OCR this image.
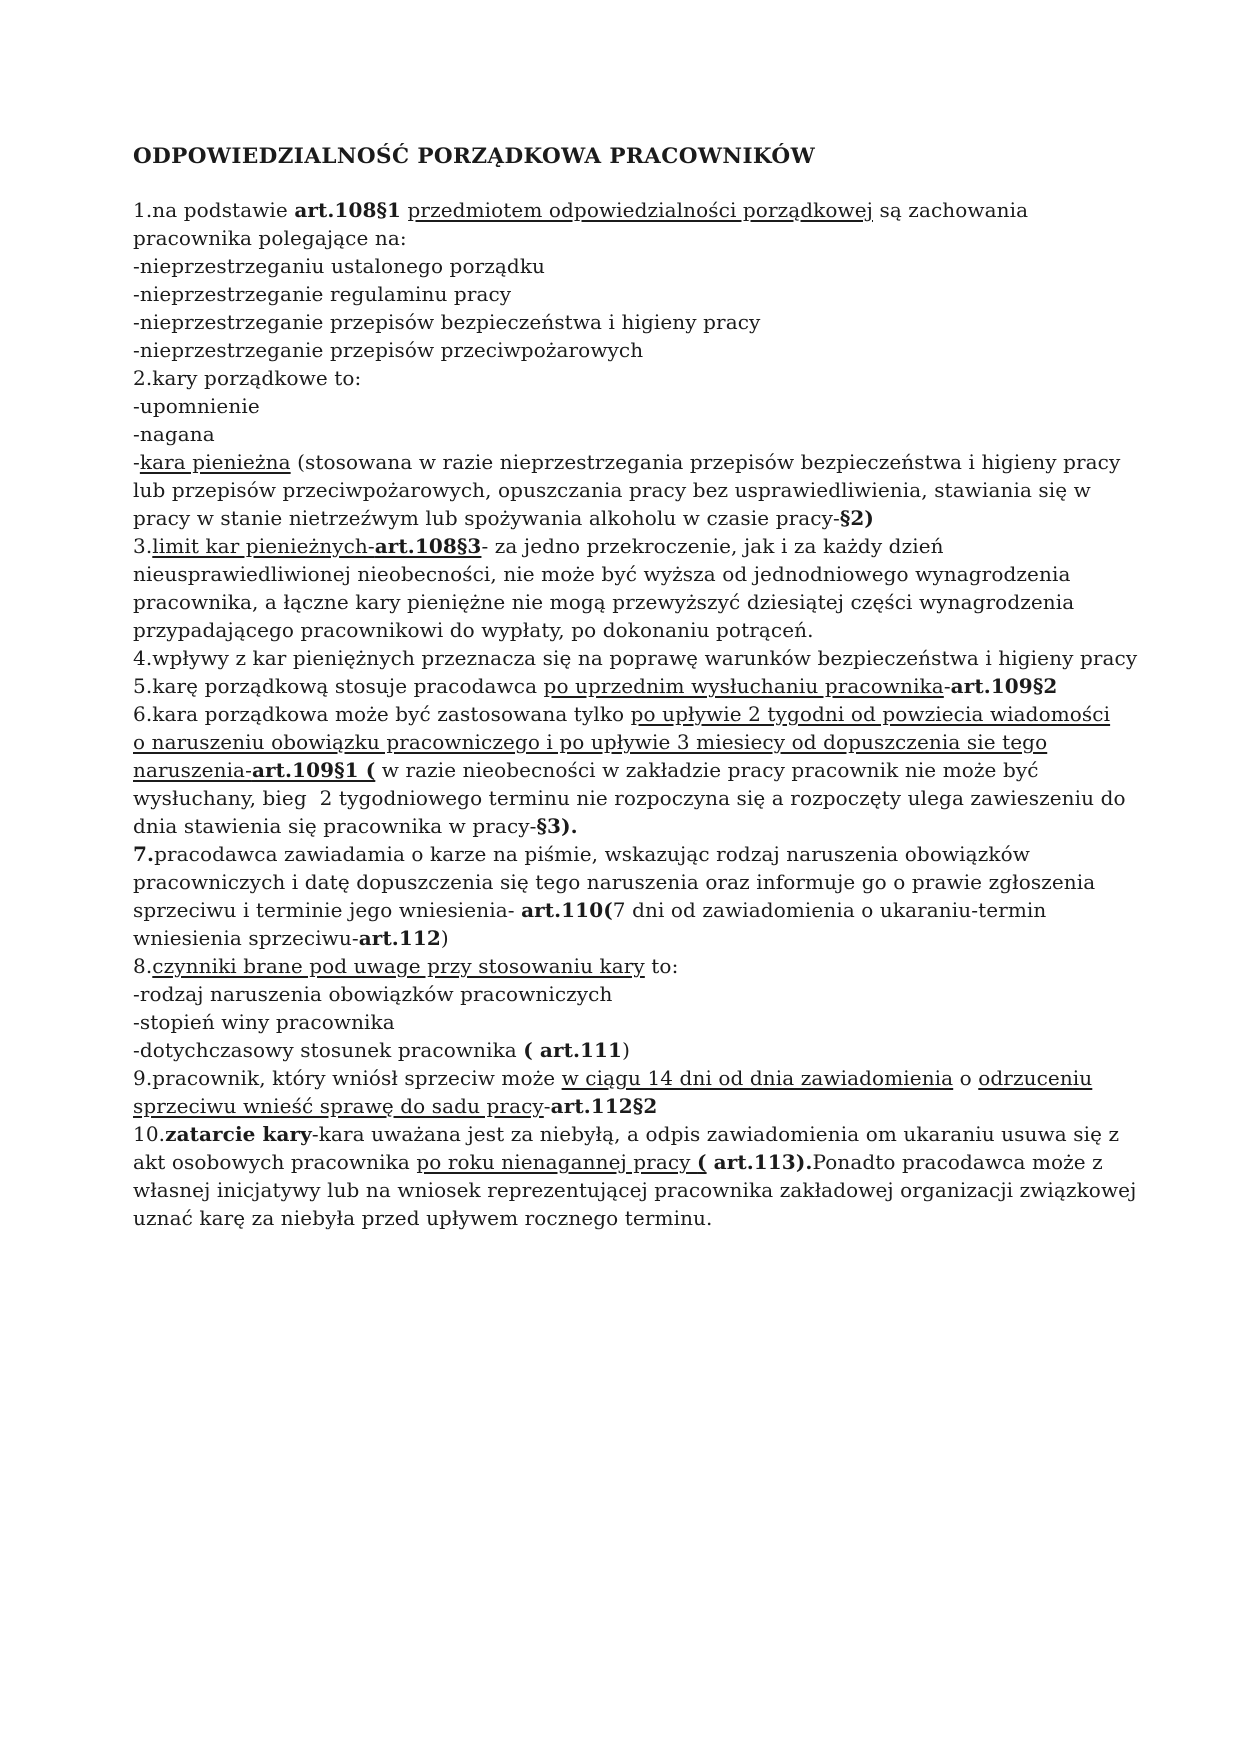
ODPOWIEDZIALNOŚĆ PORZĄDKOWA PRACOWNIKÓW
1.na podstawie art.108§1 przedmiotem odpowiedzialności porządkowej są zachowania
pracownika polegające na:
-nieprzestrzeganiu ustalonego porządku
-nieprzestrzeganie regulaminu pracy
-nieprzestrzeganie przepisów bezpieczeństwa i higieny pracy
-nieprzestrzeganie przepisów przeciwpożarowych
2.kary porządkowe to:
-upomnienie
-nagana
-kara pienieżna (stosowana w razie nieprzestrzegania przepisów bezpieczeństwa i higieny pracy
lub przepisów przeciwpożarowych, opuszczania pracy bez usprawiedliwienia, stawiania się w
pracy w stanie nietrzeźwym lub spożywania alkoholu w czasie pracy-§2)
3.limit kar pienieżnych-art.108§3- za jedno przekroczenie, jak i za każdy dzień
nieusprawiedliwionej nieobecności, nie może być wyższa od jednodniowego wynagrodzenia
pracownika, a łączne kary pieniężne nie mogą przewyższyć dziesiątej części wynagrodzenia
przypadającego pracownikowi do wypłaty, po dokonaniu potrąceń.
4.wpływy z kar pieniężnych przeznacza się na poprawę warunków bezpieczeństwa i higieny pracy
5.karę porządkową stosuje pracodawca po uprzednim wysłuchaniu pracownika-art.109§2
6.kara porządkowa może być zastosowana tylko po upływie 2 tygodni od powziecia wiadomości
o naruszeniu obowiązku pracowniczego i po upływie 3 miesiecy od dopuszczenia sie tego
naruszenia-art.109§1 ( w razie nieobecności w zakładzie pracy pracownik nie może być
wysłuchany, bieg  2 tygodniowego terminu nie rozpoczyna się a rozpoczęty ulega zawieszeniu do
dnia stawienia się pracownika w pracy-§3).
7.pracodawca zawiadamia o karze na piśmie, wskazując rodzaj naruszenia obowiązków
pracowniczych i datę dopuszczenia się tego naruszenia oraz informuje go o prawie zgłoszenia
sprzeciwu i terminie jego wniesienia- art.110(7 dni od zawiadomienia o ukaraniu-termin
wniesienia sprzeciwu-art.112)
8.czynniki brane pod uwage przy stosowaniu kary to:
-rodzaj naruszenia obowiązków pracowniczych
-stopień winy pracownika
-dotychczasowy stosunek pracownika ( art.111)
9.pracownik, który wniósł sprzeciw może w ciągu 14 dni od dnia zawiadomienia o odrzuceniu
sprzeciwu wnieść sprawę do sadu pracy-art.112§2
10.zatarcie kary-kara uważana jest za niebyłą, a odpis zawiadomienia om ukaraniu usuwa się z
akt osobowych pracownika po roku nienagannej pracy ( art.113).Ponadto pracodawca może z
własnej inicjatywy lub na wniosek reprezentującej pracownika zakładowej organizacji związkowej
uznać karę za niebyła przed upływem rocznego terminu.
